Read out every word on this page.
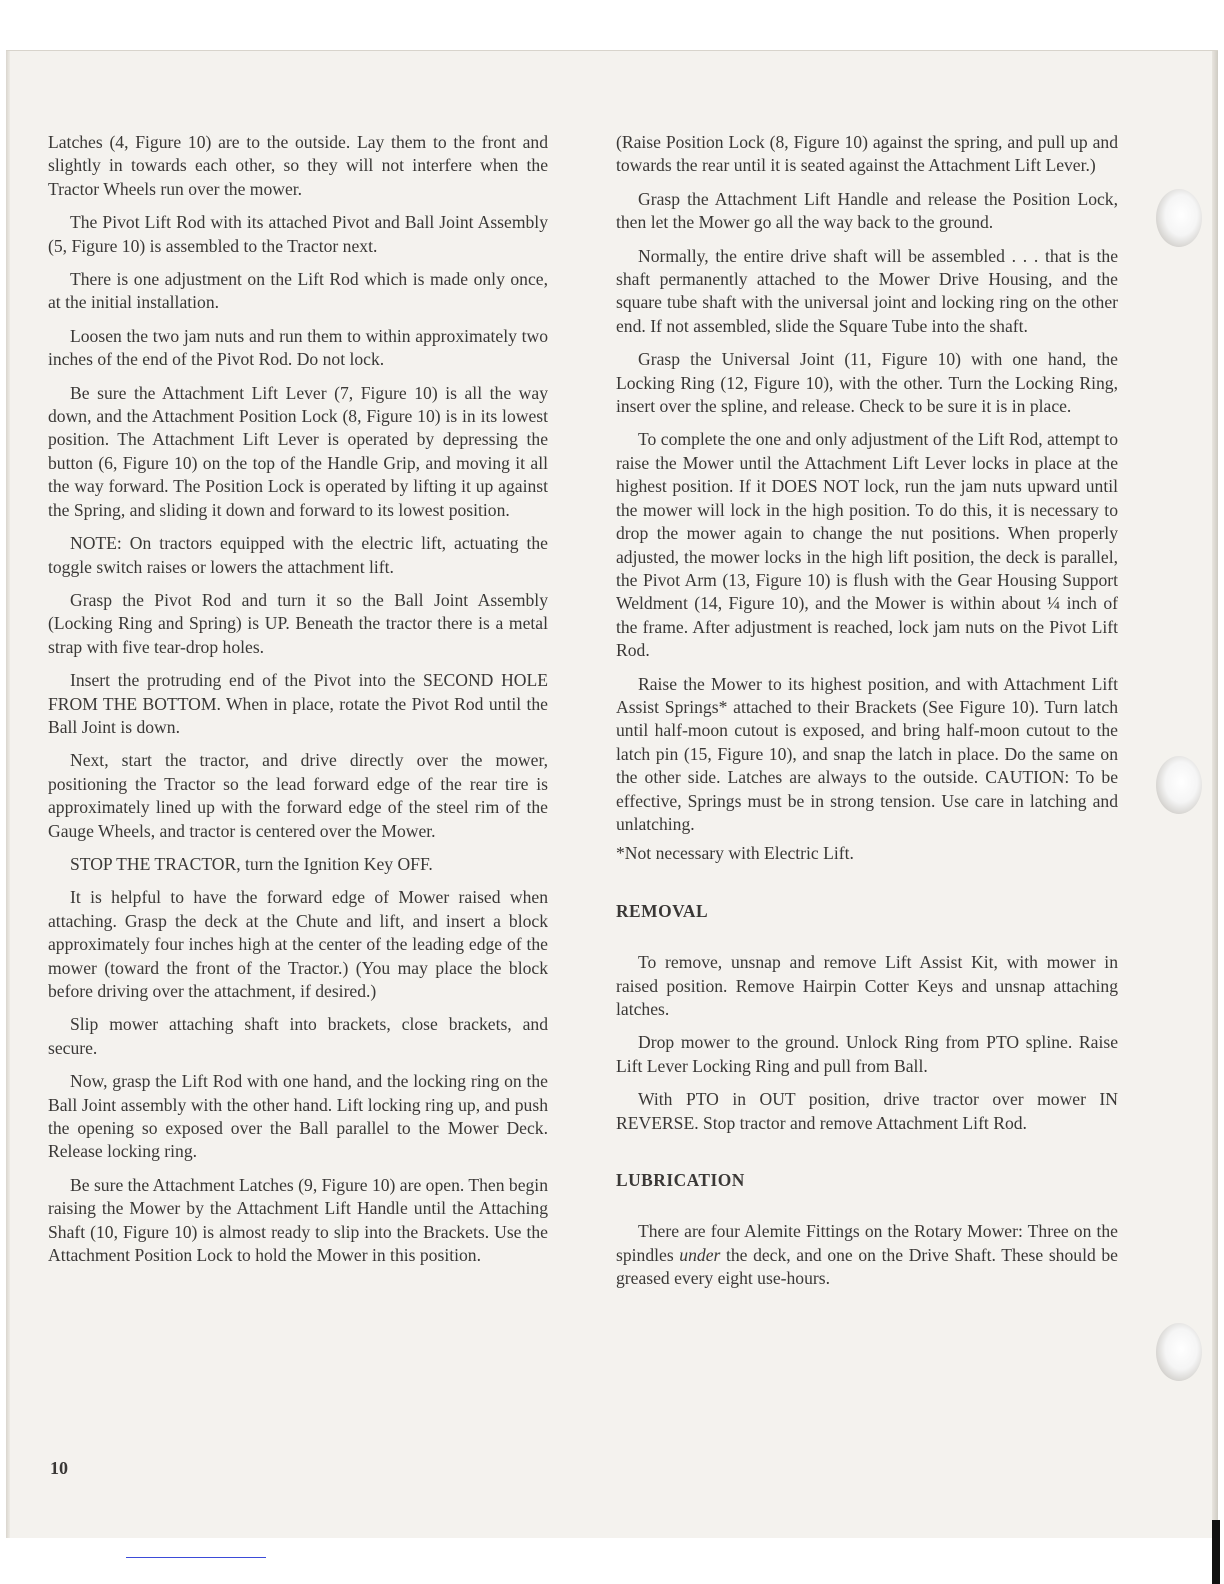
Latches (4, Figure 10) are to the outside. Lay them to the front and slightly in towards each other, so they will not interfere when the Tractor Wheels run over the mower.

The Pivot Lift Rod with its attached Pivot and Ball Joint Assembly (5, Figure 10) is assembled to the Tractor next.

There is one adjustment on the Lift Rod which is made only once, at the initial installation.

Loosen the two jam nuts and run them to within approximately two inches of the end of the Pivot Rod. Do not lock.

Be sure the Attachment Lift Lever (7, Figure 10) is all the way down, and the Attachment Position Lock (8, Figure 10) is in its lowest position. The Attachment Lift Lever is operated by depressing the button (6, Figure 10) on the top of the Handle Grip, and moving it all the way forward. The Position Lock is operated by lifting it up against the Spring, and sliding it down and forward to its lowest position.

NOTE: On tractors equipped with the electric lift, actuating the toggle switch raises or lowers the attachment lift.

Grasp the Pivot Rod and turn it so the Ball Joint Assembly (Locking Ring and Spring) is UP. Beneath the tractor there is a metal strap with five tear-drop holes.

Insert the protruding end of the Pivot into the SECOND HOLE FROM THE BOTTOM. When in place, rotate the Pivot Rod until the Ball Joint is down.

Next, start the tractor, and drive directly over the mower, positioning the Tractor so the lead forward edge of the rear tire is approximately lined up with the forward edge of the steel rim of the Gauge Wheels, and tractor is centered over the Mower.

STOP THE TRACTOR, turn the Ignition Key OFF.

It is helpful to have the forward edge of Mower raised when attaching. Grasp the deck at the Chute and lift, and insert a block approximately four inches high at the center of the leading edge of the mower (toward the front of the Tractor.) (You may place the block before driving over the attachment, if desired.)

Slip mower attaching shaft into brackets, close brackets, and secure.

Now, grasp the Lift Rod with one hand, and the locking ring on the Ball Joint assembly with the other hand. Lift locking ring up, and push the opening so exposed over the Ball parallel to the Mower Deck. Release locking ring.

Be sure the Attachment Latches (9, Figure 10) are open. Then begin raising the Mower by the Attachment Lift Handle until the Attaching Shaft (10, Figure 10) is almost ready to slip into the Brackets. Use the Attachment Position Lock to hold the Mower in this position.

(Raise Position Lock (8, Figure 10) against the spring, and pull up and towards the rear until it is seated against the Attachment Lift Lever.)

Grasp the Attachment Lift Handle and release the Position Lock, then let the Mower go all the way back to the ground.

Normally, the entire drive shaft will be assembled . . . that is the shaft permanently attached to the Mower Drive Housing, and the square tube shaft with the universal joint and locking ring on the other end. If not assembled, slide the Square Tube into the shaft.

Grasp the Universal Joint (11, Figure 10) with one hand, the Locking Ring (12, Figure 10), with the other. Turn the Locking Ring, insert over the spline, and release. Check to be sure it is in place.

To complete the one and only adjustment of the Lift Rod, attempt to raise the Mower until the Attachment Lift Lever locks in place at the highest position. If it DOES NOT lock, run the jam nuts upward until the mower will lock in the high position. To do this, it is necessary to drop the mower again to change the nut positions. When properly adjusted, the mower locks in the high lift position, the deck is parallel, the Pivot Arm (13, Figure 10) is flush with the Gear Housing Support Weldment (14, Figure 10), and the Mower is within about ¼ inch of the frame. After adjustment is reached, lock jam nuts on the Pivot Lift Rod.

Raise the Mower to its highest position, and with Attachment Lift Assist Springs* attached to their Brackets (See Figure 10). Turn latch until half-moon cutout is exposed, and bring half-moon cutout to the latch pin (15, Figure 10), and snap the latch in place. Do the same on the other side. Latches are always to the outside. CAUTION: To be effective, Springs must be in strong tension. Use care in latching and unlatching.

*Not necessary with Electric Lift.

REMOVAL

To remove, unsnap and remove Lift Assist Kit, with mower in raised position. Remove Hairpin Cotter Keys and unsnap attaching latches.

Drop mower to the ground. Unlock Ring from PTO spline. Raise Lift Lever Locking Ring and pull from Ball.

With PTO in OUT position, drive tractor over mower IN REVERSE. Stop tractor and remove Attachment Lift Rod.

LUBRICATION

There are four Alemite Fittings on the Rotary Mower: Three on the spindles under the deck, and one on the Drive Shaft. These should be greased every eight use-hours.

10
